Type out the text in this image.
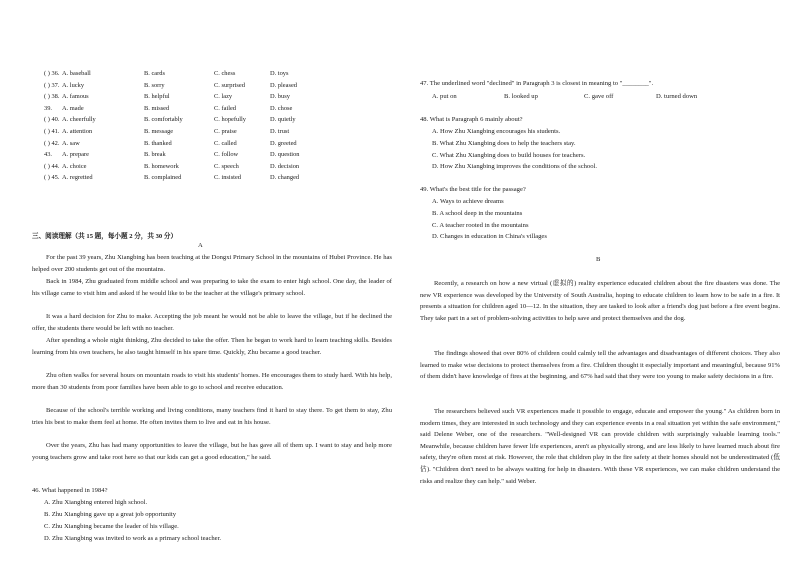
( ) 36. A. baseball	B. cards	C. chess	D. toys
( ) 37. A. lucky	B. sorry	C. surprised	D. pleased
( ) 38. A. famous	B. helpful	C. lazy	D. busy
39. A. made	B. missed	C. failed	D. chose
( ) 40. A. cheerfully	B. comfortably	C. hopefully	D. quietly
( ) 41. A. attention	B. message	C. praise	D. trust
( ) 42. A. saw	B. thanked	C. called	D. greeted
43. A. prepare	B. break	C. follow	D. question
( ) 44. A. choice	B. homework	C. speech	D. decision
( ) 45. A. regretted	B. complained	C. insisted	D. changed
三、阅读理解（共 15 题，每小题 2 分，共 30 分）
A

For the past 39 years, Zhu Xiangbing has been teaching at the Dongxi Primary School in the mountains of Hubei Province. He has helped over 200 students get out of the mountains.

Back in 1984, Zhu graduated from middle school and was preparing to take the exam to enter high school. One day, the leader of his village came to visit him and asked if he would like to be the teacher at the village's primary school.

It was a hard decision for Zhu to make. Accepting the job meant he would not be able to leave the village, but if he declined the offer, the students there would be left with no teacher.

After spending a whole night thinking, Zhu decided to take the offer. Then he began to work hard to learn teaching skills. Besides learning from his own teachers, he also taught himself in his spare time. Quickly, Zhu became a good teacher.

Zhu often walks for several hours on mountain roads to visit his students' homes. He encourages them to study hard. With his help, more than 30 students from poor families have been able to go to school and receive education.

Because of the school's terrible working and living conditions, many teachers find it hard to stay there. To get them to stay, Zhu tries his best to make them feel at home. He often invites them to live and eat in his house.

Over the years, Zhu has had many opportunities to leave the village, but he has gave all of them up. I want to stay and help more young teachers grow and take root here so that our kids can get a good education," he said.

46. What happened in 1984?
A. Zhu Xiangbing entered high school.
B. Zhu Xiangbing gave up a great job opportunity
C. Zhu Xiangbing became the leader of his village.
D. Zhu Xiangbing was invited to work as a primary school teacher.
47. The underlined word "declined" in Paragraph 3 is closest in meaning to "________".
A. put on	B. looked up	C. gave off	D. turned down
48. What is Paragraph 6 mainly about?
A. How Zhu Xiangbing encourages his students.
B. What Zhu Xiangbing does to help the teachers stay.
C. What Zhu Xiangbing does to build houses for teachers.
D. How Zhu Xiangbing improves the conditions of the school.
49. What's the best title for the passage?
A. Ways to achieve dreams
B. A school deep in the mountains
C. A teacher rooted in the mountains
D. Changes in education in China's villages
B

Recently, a research on how a new virtual (虚拟的) reality experience educated children about the fire disasters was done. The new VR experience was developed by the University of South Australia, hoping to educate children to learn how to be safe in a fire. It presents a situation for children aged 10—12. In the situation, they are tasked to look after a friend's dog just before a fire event begins. They take part in a set of problem-solving activities to help save and protect themselves and the dog.

The findings showed that over 80% of children could calmly tell the advantages and disadvantages of different choices. They also learned to make wise decisions to protect themselves from a fire. Children thought it especially important and meaningful, because 91% of them didn't have knowledge of fires at the beginning, and 67% had said that they were too young to make safety decisions in a fire.

The researchers believed such VR experiences made it possible to engage, educate and empower the young." As children born in modern times, they are interested in such technology and they can experience events in a real situation yet within the safe environment," said Delene Weber, one of the researchers. "Well-designed VR can provide children with surprisingly valuable learning tools." Meanwhile, because children have fewer life experiences, aren't as physically strong, and are less likely to have learned much about fire safety, they're often most at risk. However, the role that children play in the fire safety at their homes should not be underestimated (低估). "Children don't need to be always waiting for help in disasters. With these VR experiences, we can make children understand the risks and realize they can help." said Weber.
